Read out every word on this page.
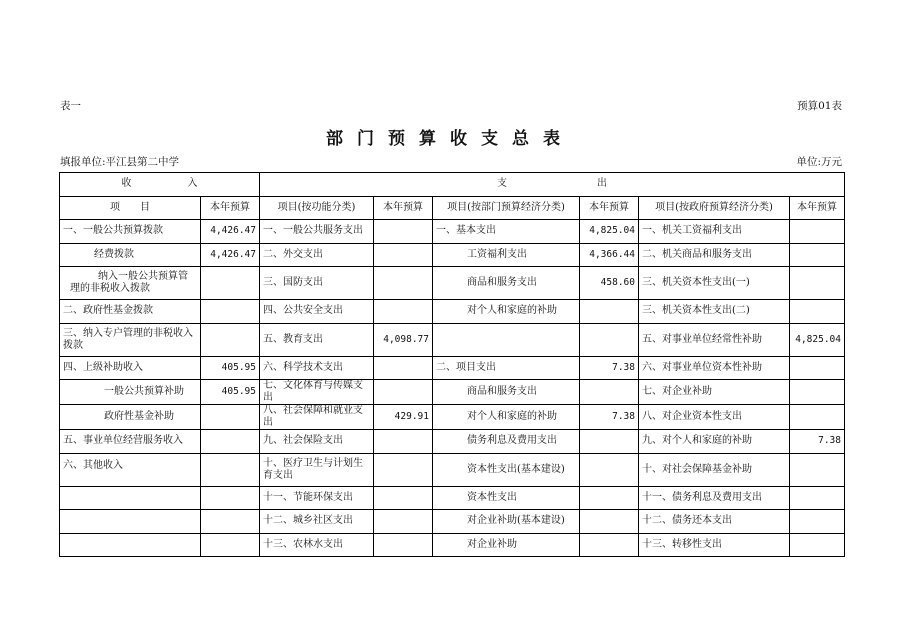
表一	预算01表
部门预算收支总表
填报单位:平江县第二中学	单位:万元
收 入		支 出					
项　　目	本年预算	项目(按功能分类)	本年预算	项目(按部门预算经济分类)	本年预算	项目(按政府预算经济分类)	本年预算
一、一般公共预算拨款	4,426.47	一、一般公共服务支出		一、基本支出	4,825.04	一、机关工资福利支出	
经费拨款	4,426.47	二、外交支出		工资福利支出	4,366.44	二、机关商品和服务支出	
纳入一般公共预算管理的非税收入拨款		三、国防支出		商品和服务支出	458.60	三、机关资本性支出(一)	
二、政府性基金拨款		四、公共安全支出		对个人和家庭的补助		三、机关资本性支出(二)	
三、纳入专户管理的非税收入拨款		五、教育支出	4,098.77			五、对事业单位经常性补助	4,825.04
四、上级补助收入	405.95	六、科学技术支出		二、项目支出	7.38	六、对事业单位资本性补助	
一般公共预算补助	405.95	七、文化体育与传媒支出		商品和服务支出		七、对企业补助	
政府性基金补助		八、社会保障和就业支出	429.91	对个人和家庭的补助	7.38	八、对企业资本性支出	
五、事业单位经营服务收入		九、社会保险支出		债务利息及费用支出		九、对个人和家庭的补助	7.38
六、其他收入		十、医疗卫生与计划生育支出		资本性支出(基本建设)		十、对社会保障基金补助	
		十一、节能环保支出		资本性支出		十一、债务利息及费用支出	
		十二、城乡社区支出		对企业补助(基本建设)		十二、债务还本支出	
		十三、农林水支出		对企业补助		十三、转移性支出	
